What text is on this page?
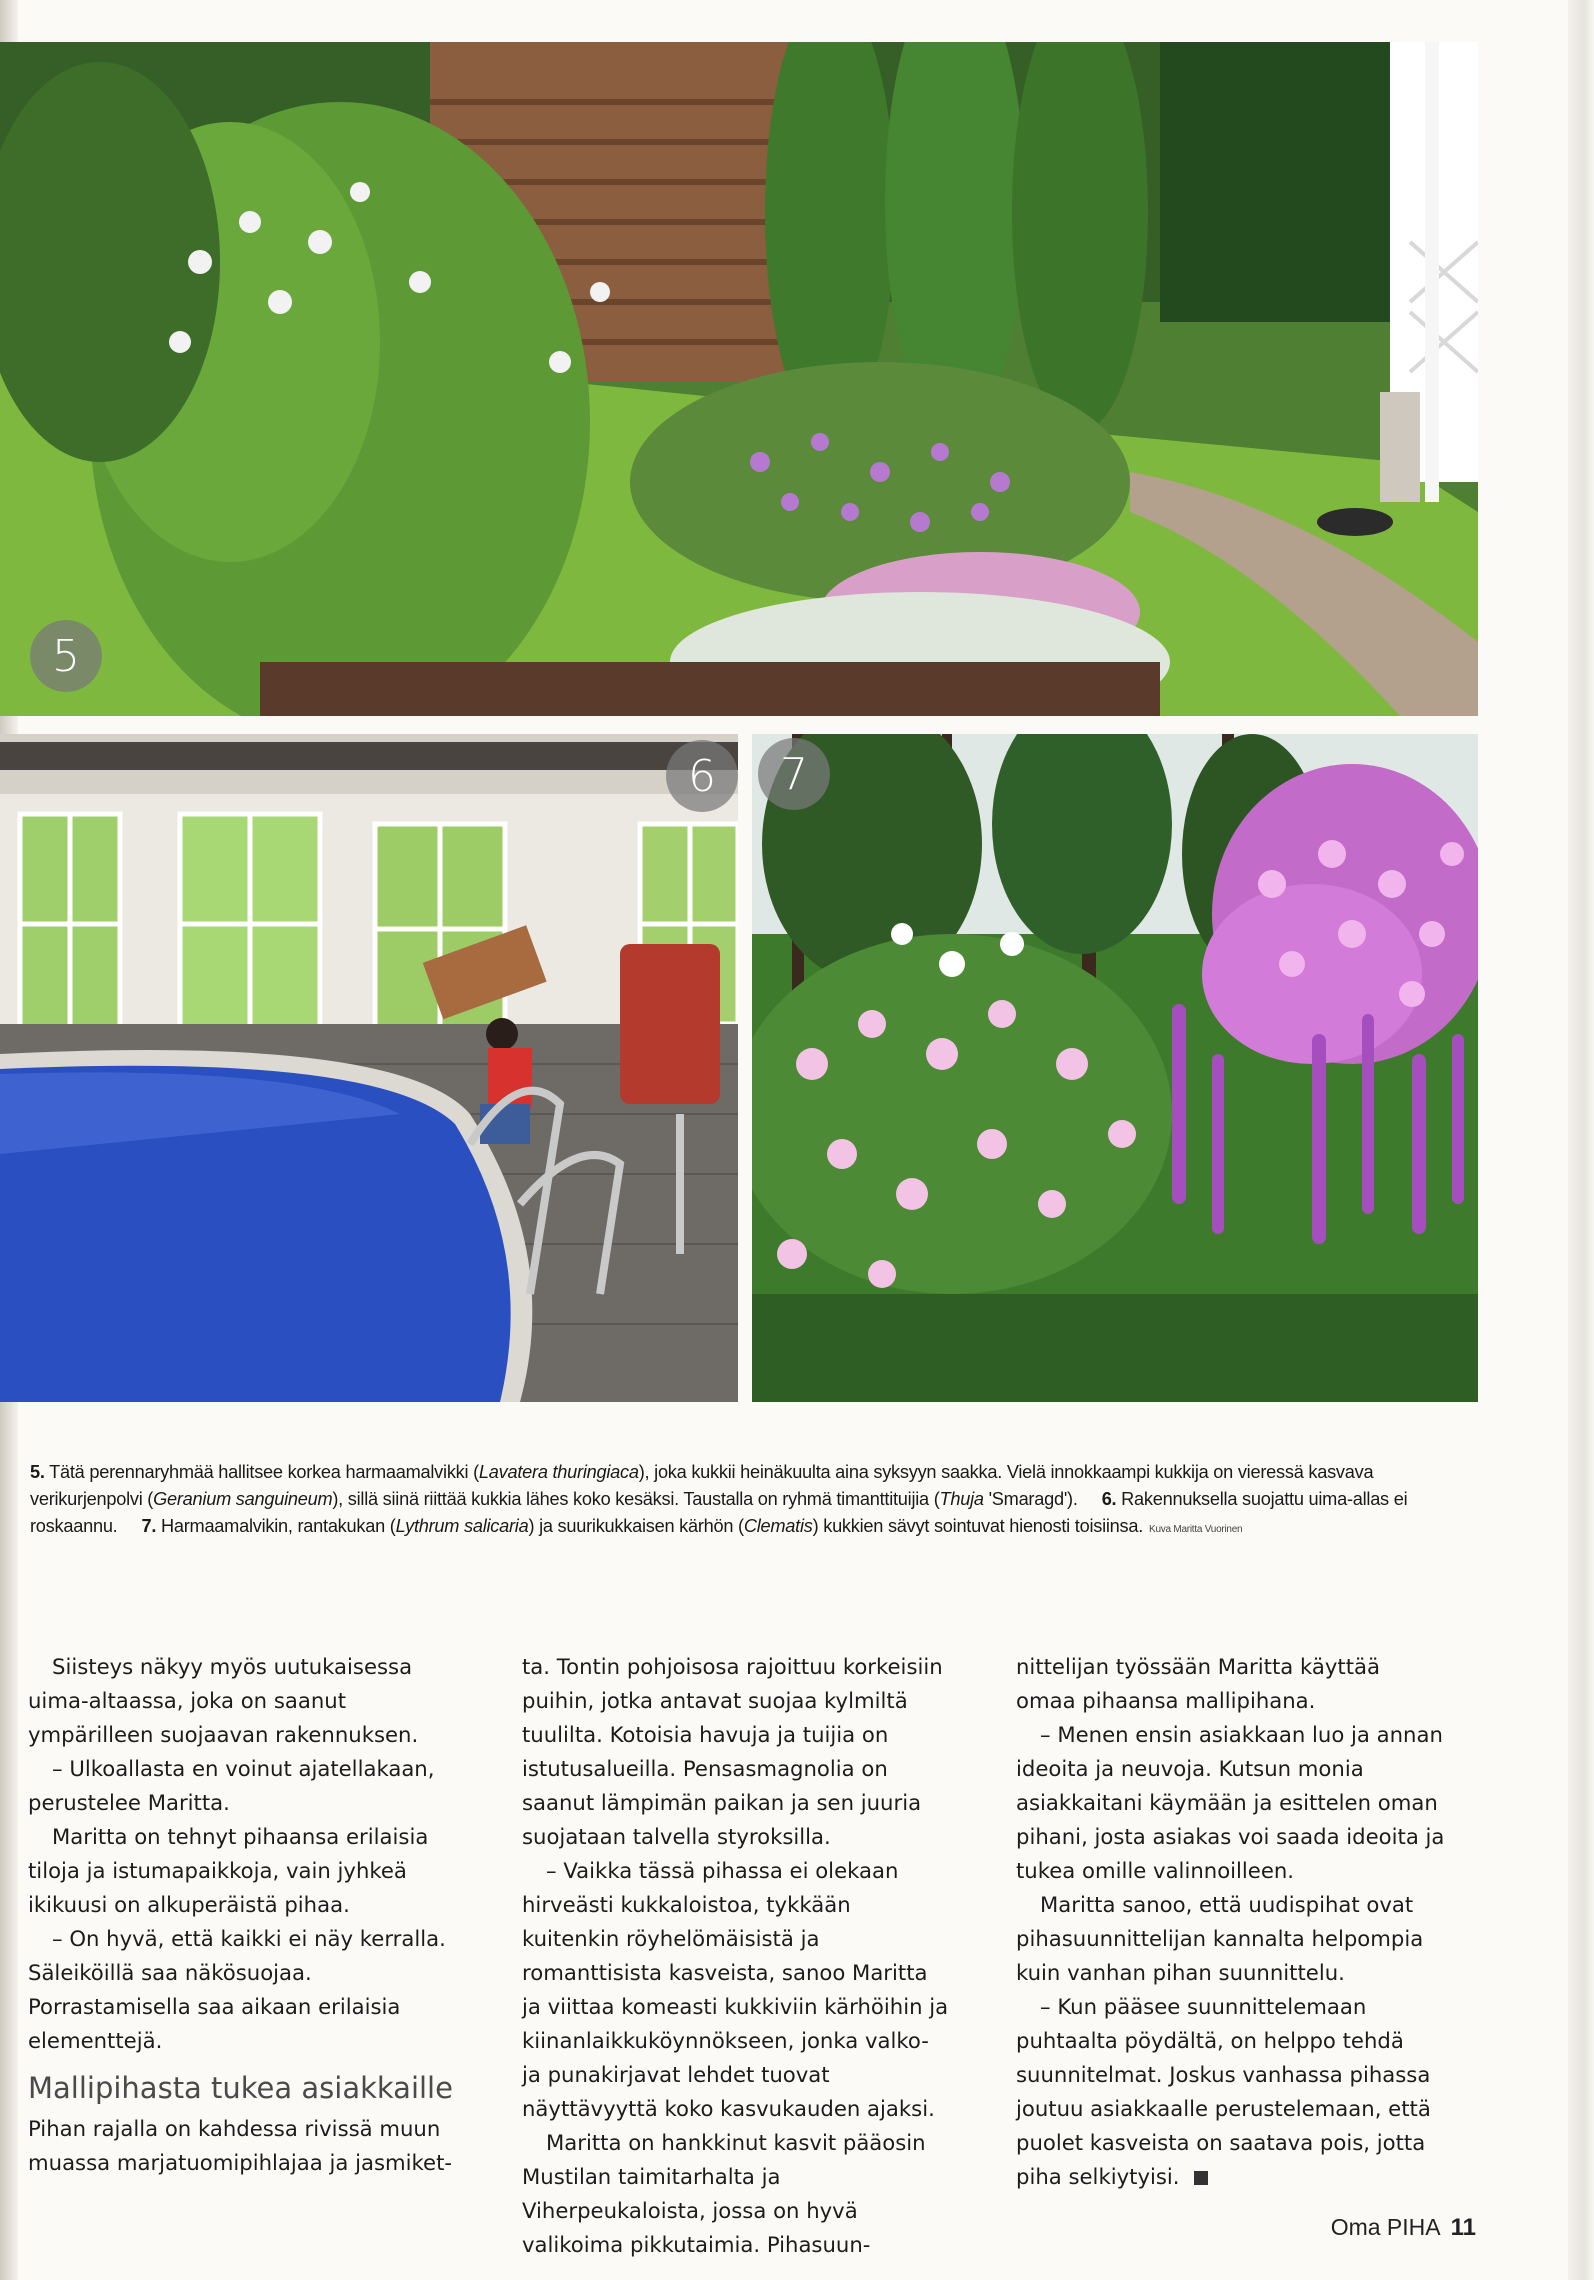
5
6	7

5. Tätä perennaryhmää hallitsee korkea harmaamalvikki (Lavatera thuringiaca), joka kukkii heinäkuulta aina syksyyn saakka. Vielä innokkaampi kukkija on vieressä kasvava verikurjenpolvi (Geranium sanguineum), sillä siinä riittää kukkia lähes koko kesäksi. Taustalla on ryhmä timanttituijia (Thuja 'Smaragd'). 6. Rakennuksella suojattu uima-allas ei roskaannu. 7. Harmaamalvikin, rantakukan (Lythrum salicaria) ja suurikukkaisen kärhön (Clematis) kukkien sävyt sointuvat hienosti toisiinsa. Kuva Maritta Vuorinen

Siisteys näkyy myös uutukaisessa uima-altaassa, joka on saanut ympärilleen suojaavan rakennuksen.

– Ulkoallasta en voinut ajatellakaan, perustelee Maritta.

Maritta on tehnyt pihaansa erilaisia tiloja ja istumapaikkoja, vain jyhkeä ikikuusi on alkuperäistä pihaa.

– On hyvä, että kaikki ei näy kerralla. Säleiköillä saa näkösuojaa. Porrastamisella saa aikaan erilaisia elementtejä.

Mallipihasta tukea asiakkaille

Pihan rajalla on kahdessa rivissä muun muassa marjatuomipihlajaa ja jasmiket-

ta. Tontin pohjoisosa rajoittuu korkeisiin puihin, jotka antavat suojaa kylmiltä tuulilta. Kotoisia havuja ja tuijia on istutusalueilla. Pensasmagnolia on saanut lämpimän paikan ja sen juuria suojataan talvella styroksilla.

– Vaikka tässä pihassa ei olekaan hirveästi kukkaloistoa, tykkään kuitenkin röyhelömäisistä ja romanttisista kasveista, sanoo Maritta ja viittaa komeasti kukkiviin kärhöihin ja kiinanlaikkuköynnökseen, jonka valko- ja punakirjavat lehdet tuovat näyttävyyttä koko kasvukauden ajaksi.

Maritta on hankkinut kasvit pääosin Mustilan taimitarhalta ja Viherpeukaloista, jossa on hyvä valikoima pikkutaimia. Pihasuun-

nittelijan työssään Maritta käyttää omaa pihaansa mallipihana.

– Menen ensin asiakkaan luo ja annan ideoita ja neuvoja. Kutsun monia asiakkaitani käymään ja esittelen oman pihani, josta asiakas voi saada ideoita ja tukea omille valinnoilleen.

Maritta sanoo, että uudispihat ovat pihasuunnittelijan kannalta helpompia kuin vanhan pihan suunnittelu.

– Kun pääsee suunnittelemaan puhtaalta pöydältä, on helppo tehdä suunnitelmat. Joskus vanhassa pihassa joutuu asiakkaalle perustelemaan, että puolet kasveista on saatava pois, jotta piha selkiytyisi.

Oma PIHA 11
